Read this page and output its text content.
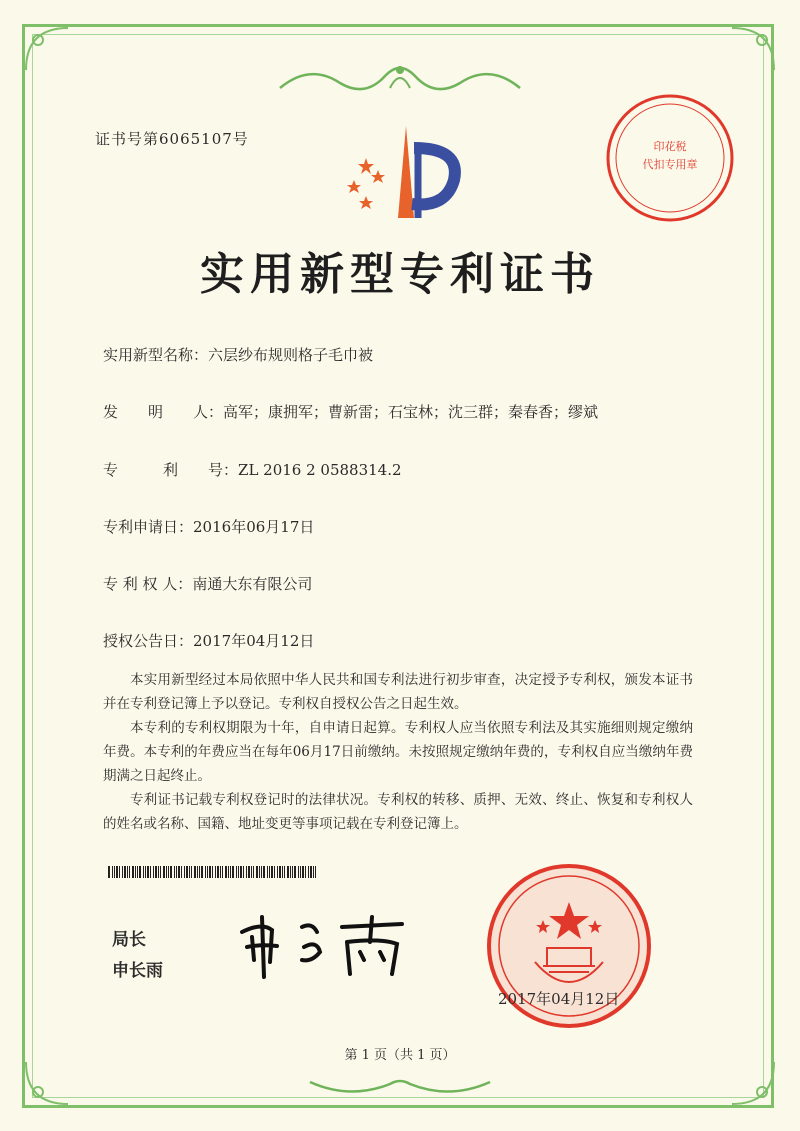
证书号第6065107号	印花税
代扣专用章
实用新型专利证书
实用新型名称：六层纱布规则格子毛巾被
发　　明　　人：高军；康拥军；曹新雷；石宝林；沈三群；秦春香；缪斌
专　　　利　　号：ZL 2016 2 0588314.2
专利申请日：2016年06月17日
专 利 权 人：南通大东有限公司
授权公告日：2017年04月12日

本实用新型经过本局依照中华人民共和国专利法进行初步审查，决定授予专利权，颁发本证书并在专利登记簿上予以登记。专利权自授权公告之日起生效。

本专利的专利权期限为十年，自申请日起算。专利权人应当依照专利法及其实施细则规定缴纳年费。本专利的年费应当在每年06月17日前缴纳。未按照规定缴纳年费的，专利权自应当缴纳年费期满之日起终止。

专利证书记载专利权登记时的法律状况。专利权的转移、质押、无效、终止、恢复和专利权人的姓名或名称、国籍、地址变更等事项记载在专利登记簿上。

局长
申长雨
2017年04月12日
第 1 页（共 1 页）
